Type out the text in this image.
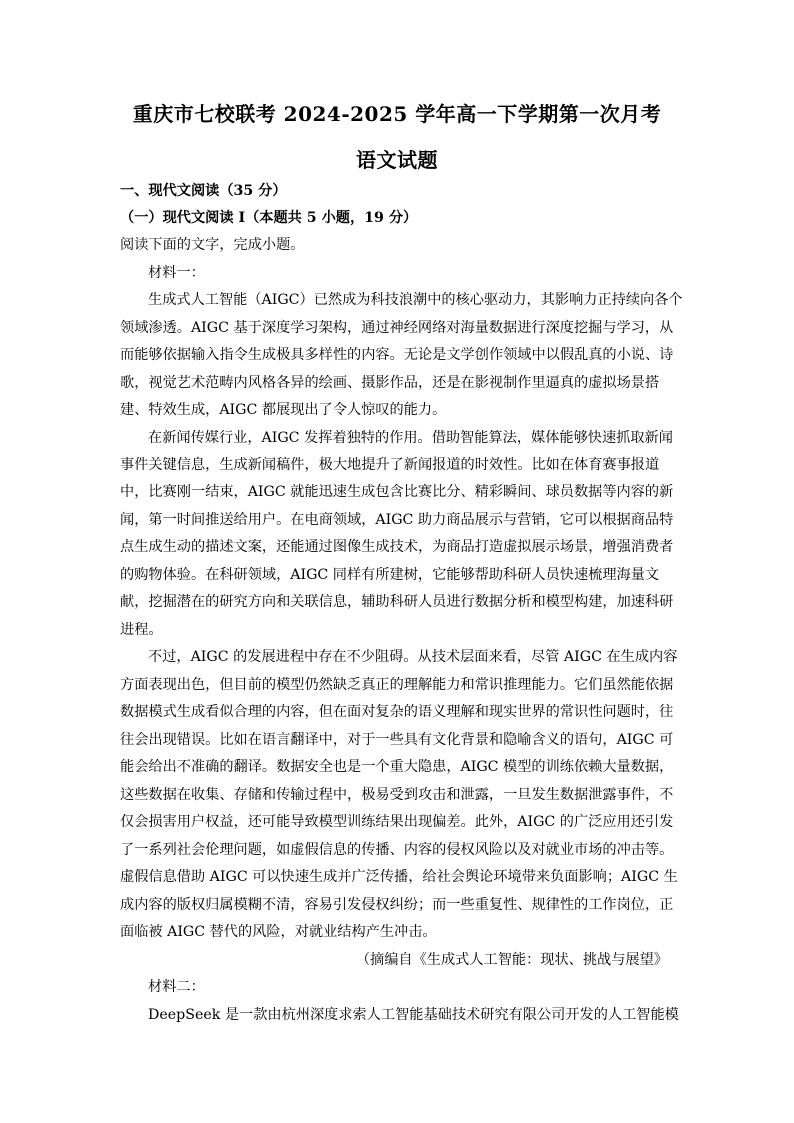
重庆市七校联考 2024-2025 学年高一下学期第一次月考
语文试题
一、现代文阅读（35 分）
（一）现代文阅读 I（本题共 5 小题，19 分）
阅读下面的文字，完成小题。
材料一：
生成式人工智能（AIGC）已然成为科技浪潮中的核心驱动力，其影响力正持续向各个
领域渗透。AIGC 基于深度学习架构，通过神经网络对海量数据进行深度挖掘与学习，从
而能够依据输入指令生成极具多样性的内容。无论是文学创作领域中以假乱真的小说、诗
歌，视觉艺术范畴内风格各异的绘画、摄影作品，还是在影视制作里逼真的虚拟场景搭
建、特效生成，AIGC 都展现出了令人惊叹的能力。
在新闻传媒行业，AIGC 发挥着独特的作用。借助智能算法，媒体能够快速抓取新闻
事件关键信息，生成新闻稿件，极大地提升了新闻报道的时效性。比如在体育赛事报道
中，比赛刚一结束，AIGC 就能迅速生成包含比赛比分、精彩瞬间、球员数据等内容的新
闻，第一时间推送给用户。在电商领域，AIGC 助力商品展示与营销，它可以根据商品特
点生成生动的描述文案，还能通过图像生成技术，为商品打造虚拟展示场景，增强消费者
的购物体验。在科研领域，AIGC 同样有所建树，它能够帮助科研人员快速梳理海量文
献，挖掘潜在的研究方向和关联信息，辅助科研人员进行数据分析和模型构建，加速科研
进程。
不过，AIGC 的发展进程中存在不少阻碍。从技术层面来看，尽管 AIGC 在生成内容
方面表现出色，但目前的模型仍然缺乏真正的理解能力和常识推理能力。它们虽然能依据
数据模式生成看似合理的内容，但在面对复杂的语义理解和现实世界的常识性问题时，往
往会出现错误。比如在语言翻译中，对于一些具有文化背景和隐喻含义的语句，AIGC 可
能会给出不准确的翻译。数据安全也是一个重大隐患，AIGC 模型的训练依赖大量数据，
这些数据在收集、存储和传输过程中，极易受到攻击和泄露，一旦发生数据泄露事件，不
仅会损害用户权益，还可能导致模型训练结果出现偏差。此外，AIGC 的广泛应用还引发
了一系列社会伦理问题，如虚假信息的传播、内容的侵权风险以及对就业市场的冲击等。
虚假信息借助 AIGC 可以快速生成并广泛传播，给社会舆论环境带来负面影响；AIGC 生
成内容的版权归属模糊不清，容易引发侵权纠纷；而一些重复性、规律性的工作岗位，正
面临被 AIGC 替代的风险，对就业结构产生冲击。
（摘编自《生成式人工智能：现状、挑战与展望》
材料二：
DeepSeek 是一款由杭州深度求索人工智能基础技术研究有限公司开发的人工智能模
